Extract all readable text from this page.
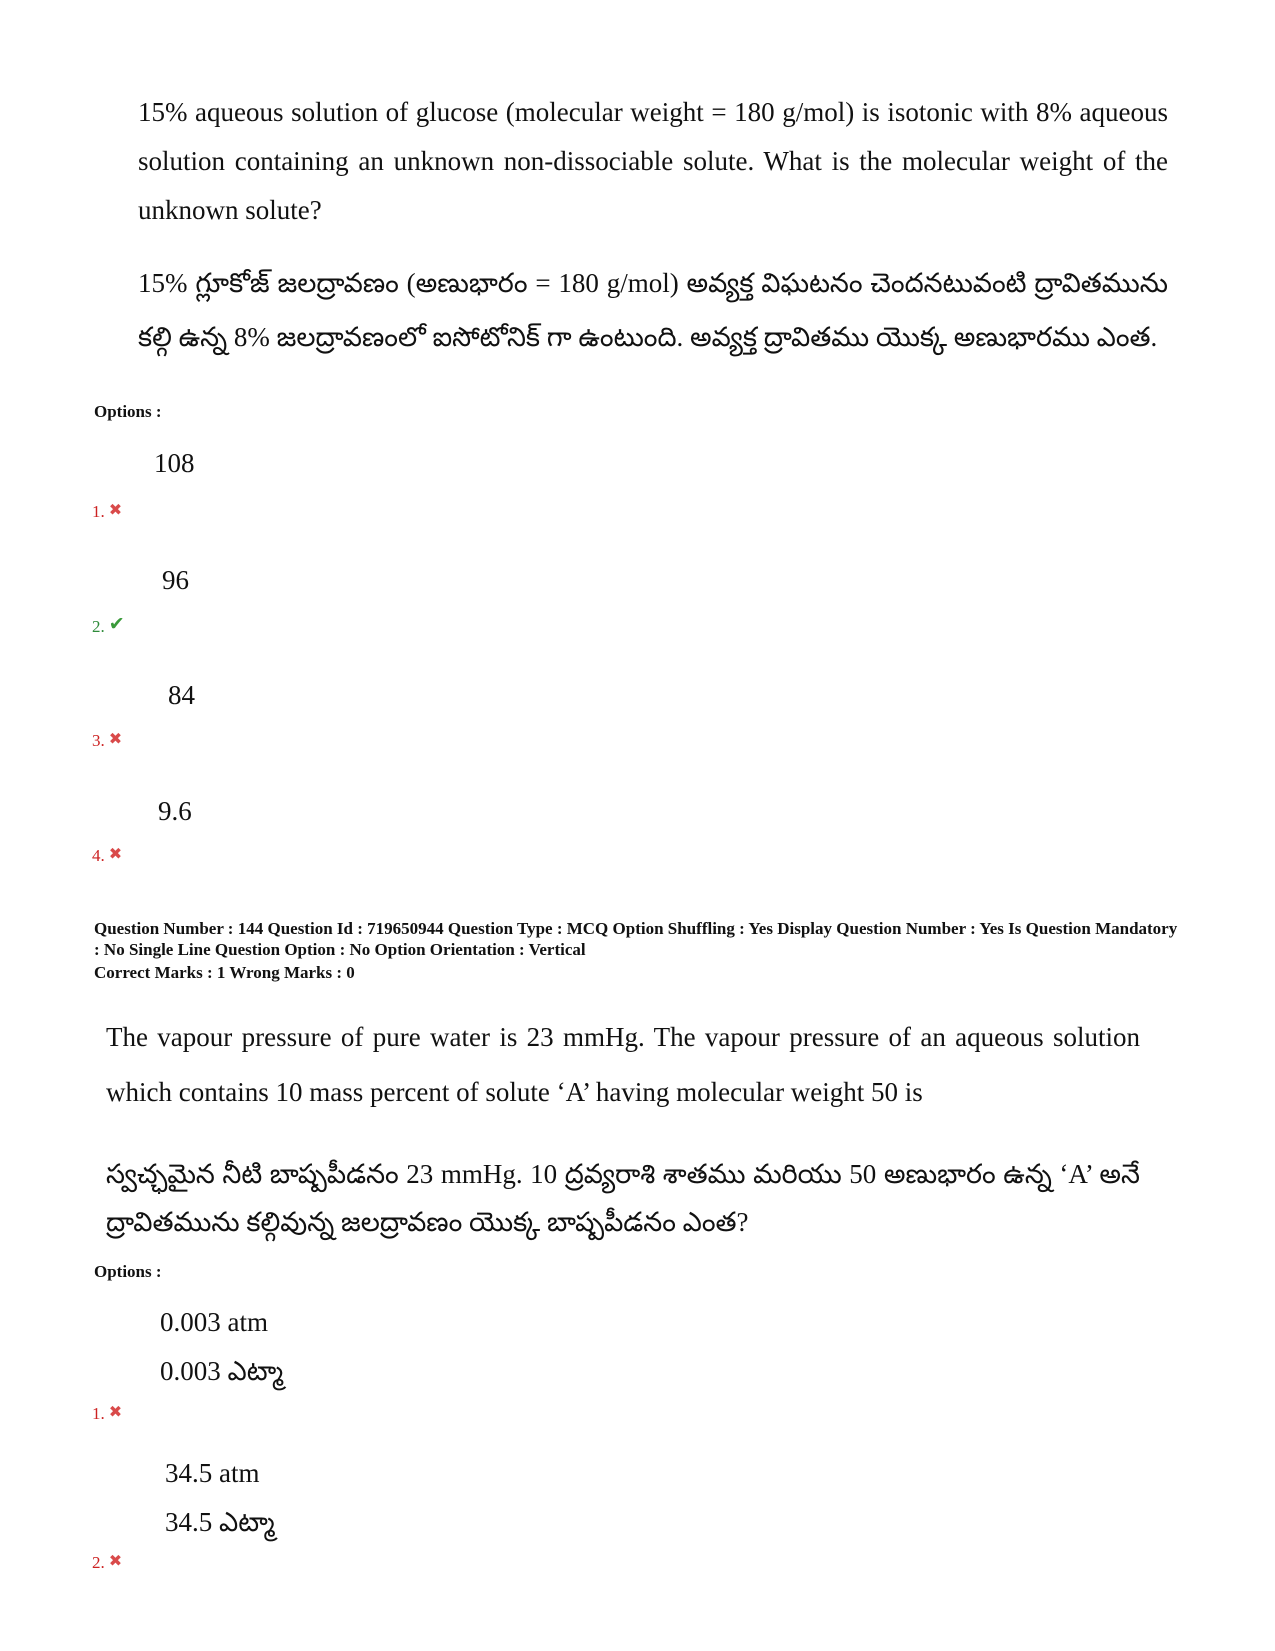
15% aqueous solution of glucose (molecular weight = 180 g/mol) is isotonic with 8% aqueous solution containing an unknown non-dissociable solute. What is the molecular weight of the unknown solute?
15% గ్లూకోజ్ జలద్రావణం (అణుభారం = 180 g/mol) అవ్యక్త విఘటనం చెందనటువంటి ద్రావితమును కల్గి ఉన్న 8% జలద్రావణంలో ఐసోటోనిక్ గా ఉంటుంది. అవ్యక్త ద్రావితము యొక్క అణుభారము ఎంత.
Options :
108
1. ✖
96
2. ✔
84
3. ✖
9.6
4. ✖
Question Number : 144 Question Id : 719650944 Question Type : MCQ Option Shuffling : Yes Display Question Number : Yes Is Question Mandatory : No Single Line Question Option : No Option Orientation : Vertical
Correct Marks : 1 Wrong Marks : 0
The vapour pressure of pure water is 23 mmHg. The vapour pressure of an aqueous solution which contains 10 mass percent of solute ‘A’ having molecular weight 50 is
స్వచ్ఛమైన నీటి బాష్పపీడనం 23 mmHg. 10 ద్రవ్యరాశి శాతము మరియు 50 అణుభారం ఉన్న ‘A’ అనే ద్రావితమును కల్గివున్న జలద్రావణం యొక్క బాష్పపీడనం ఎంత?
Options :
0.003 atm
0.003 ఎట్మా
1. ✖
34.5 atm
34.5 ఎట్మా
2. ✖
